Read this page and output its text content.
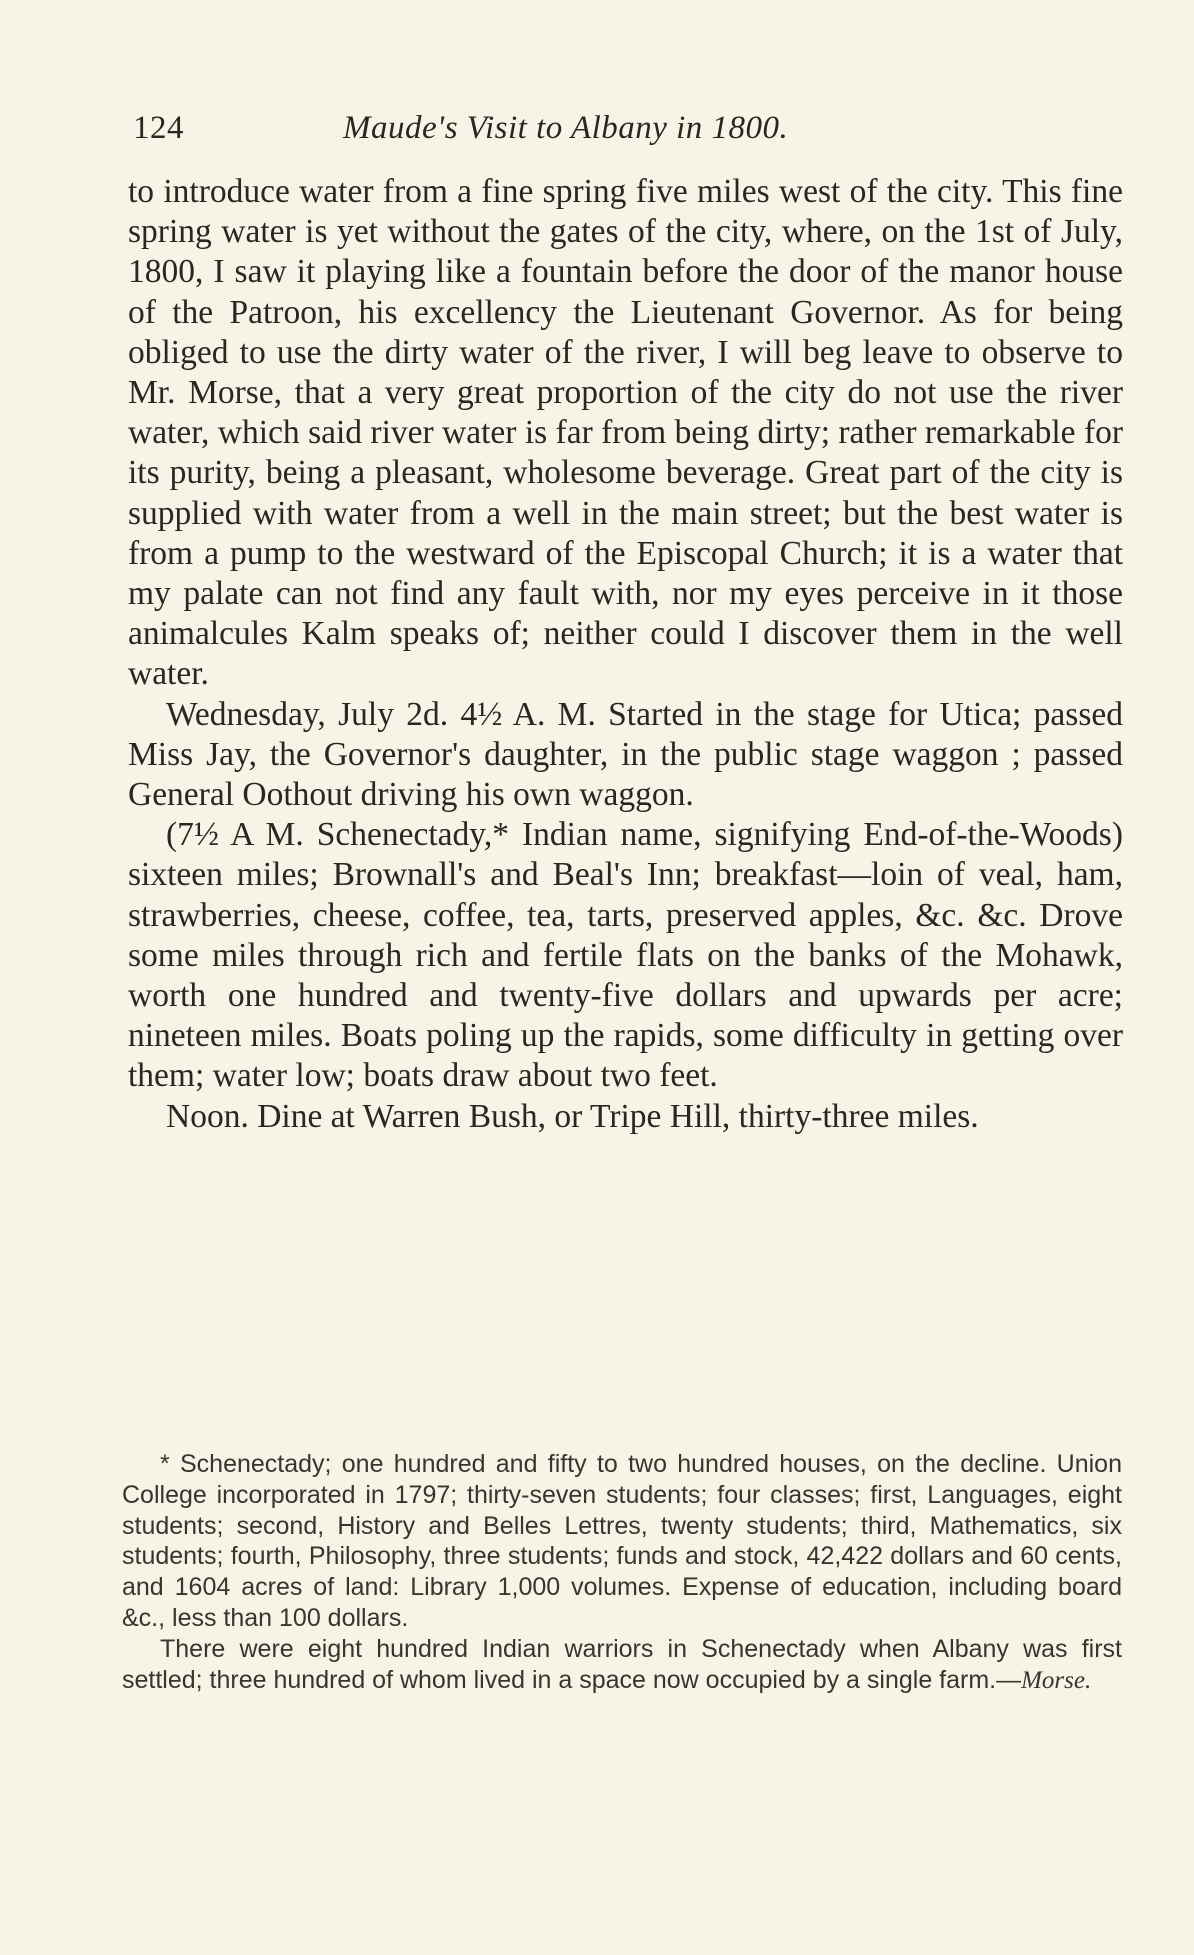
124	Maude's Visit to Albany in 1800.

to introduce water from a fine spring five miles west of the city. This fine spring water is yet without the gates of the city, where, on the 1st of July, 1800, I saw it playing like a fountain before the door of the manor house of the Patroon, his excellency the Lieutenant Governor. As for being obliged to use the dirty water of the river, I will beg leave to observe to Mr. Morse, that a very great proportion of the city do not use the river water, which said river water is far from being dirty; rather remarkable for its purity, being a pleasant, wholesome beverage. Great part of the city is supplied with water from a well in the main street; but the best water is from a pump to the westward of the Episcopal Church; it is a water that my palate can not find any fault with, nor my eyes perceive in it those animalcules Kalm speaks of; neither could I discover them in the well water.

Wednesday, July 2d. 4½ A. M. Started in the stage for Utica; passed Miss Jay, the Governor's daughter, in the public stage waggon ; passed General Oothout driving his own waggon.

(7½ A M. Schenectady,* Indian name, signifying End-of-the-Woods) sixteen miles; Brownall's and Beal's Inn; breakfast—loin of veal, ham, strawberries, cheese, coffee, tea, tarts, preserved apples, &c. &c. Drove some miles through rich and fertile flats on the banks of the Mohawk, worth one hundred and twenty-five dollars and upwards per acre; nineteen miles. Boats poling up the rapids, some difficulty in getting over them; water low; boats draw about two feet.

Noon. Dine at Warren Bush, or Tripe Hill, thirty-three miles.

* Schenectady; one hundred and fifty to two hundred houses, on the decline. Union College incorporated in 1797; thirty-seven students; four classes; first, Languages, eight students; second, History and Belles Lettres, twenty students; third, Mathematics, six students; fourth, Philosophy, three students; funds and stock, 42,422 dollars and 60 cents, and 1604 acres of land: Library 1,000 volumes. Expense of education, including board &c., less than 100 dollars.

There were eight hundred Indian warriors in Schenectady when Albany was first settled; three hundred of whom lived in a space now occupied by a single farm.—Morse.
